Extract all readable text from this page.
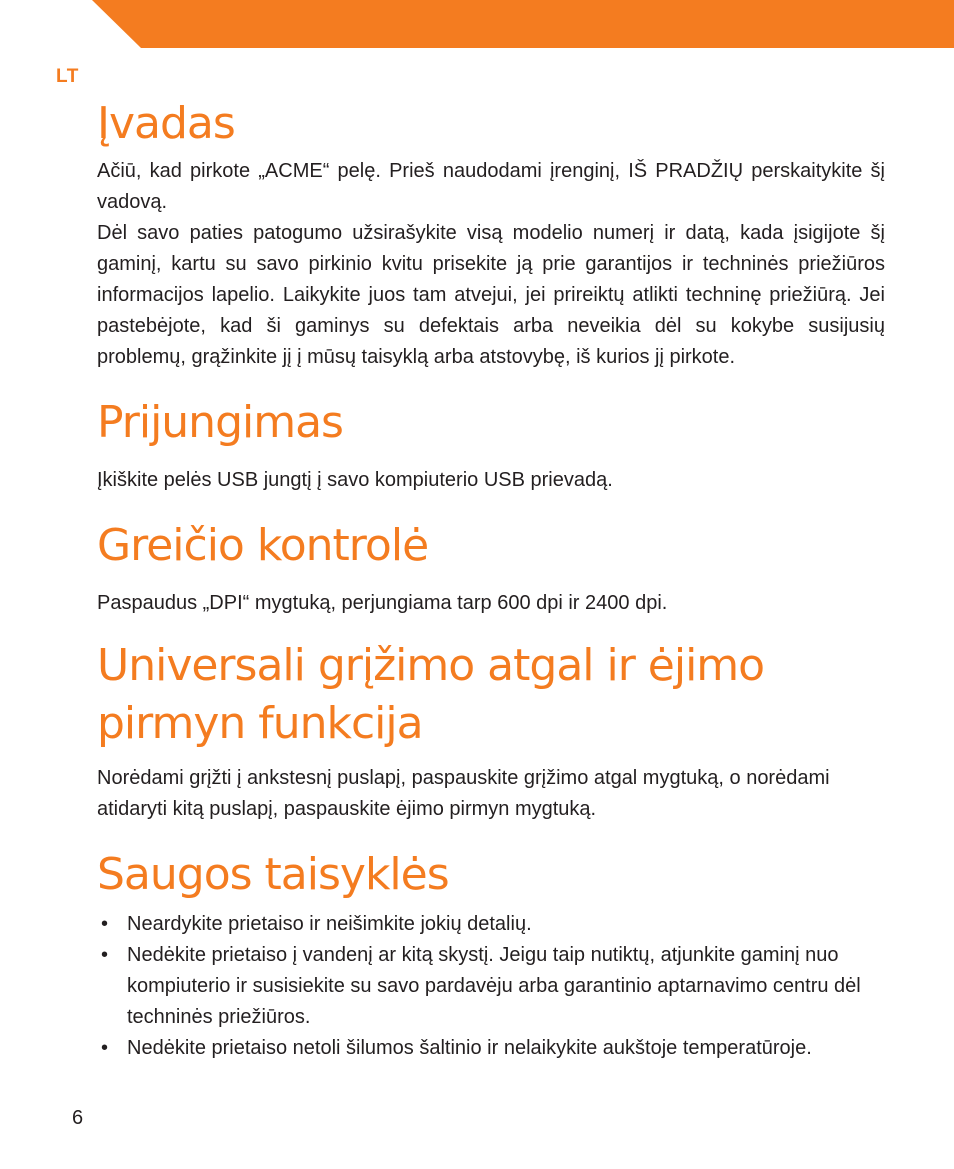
LT
Įvadas

Ačiū, kad pirkote „ACME“ pelę. Prieš naudodami įrenginį, IŠ PRADŽIŲ perskaitykite šį vadovą.

Dėl savo paties patogumo užsirašykite visą modelio numerį ir datą, kada įsigijote šį gaminį, kartu su savo pirkinio kvitu prisekite ją prie garantijos ir techninės priežiūros informacijos lapelio. Laikykite juos tam atvejui, jei prireiktų atlikti techninę priežiūrą. Jei pastebėjote, kad ši gaminys su defektais arba neveikia dėl su kokybe susijusių problemų, grąžinkite jį į mūsų taisyklą arba atstovybę, iš kurios jį pirkote.

Prijungimas

Įkiškite pelės USB jungtį į savo kompiuterio USB prievadą.

Greičio kontrolė

Paspaudus „DPI“ mygtuką, perjungiama tarp 600 dpi ir 2400 dpi.

Universali grįžimo atgal ir ėjimo pirmyn funkcija

Norėdami grįžti į ankstesnį puslapį, paspauskite grįžimo atgal mygtuką, o norėdami atidaryti kitą puslapį, paspauskite ėjimo pirmyn mygtuką.

Saugos taisyklės
• Neardykite prietaiso ir neišimkite jokių detalių.
• Nedėkite prietaiso į vandenį ar kitą skystį. Jeigu taip nutiktų, atjunkite gaminį nuo kompiuterio ir susisiekite su savo pardavėju arba garantinio aptarnavimo centru dėl techninės priežiūros.
• Nedėkite prietaiso netoli šilumos šaltinio ir nelaikykite aukštoje temperatūroje.
6
